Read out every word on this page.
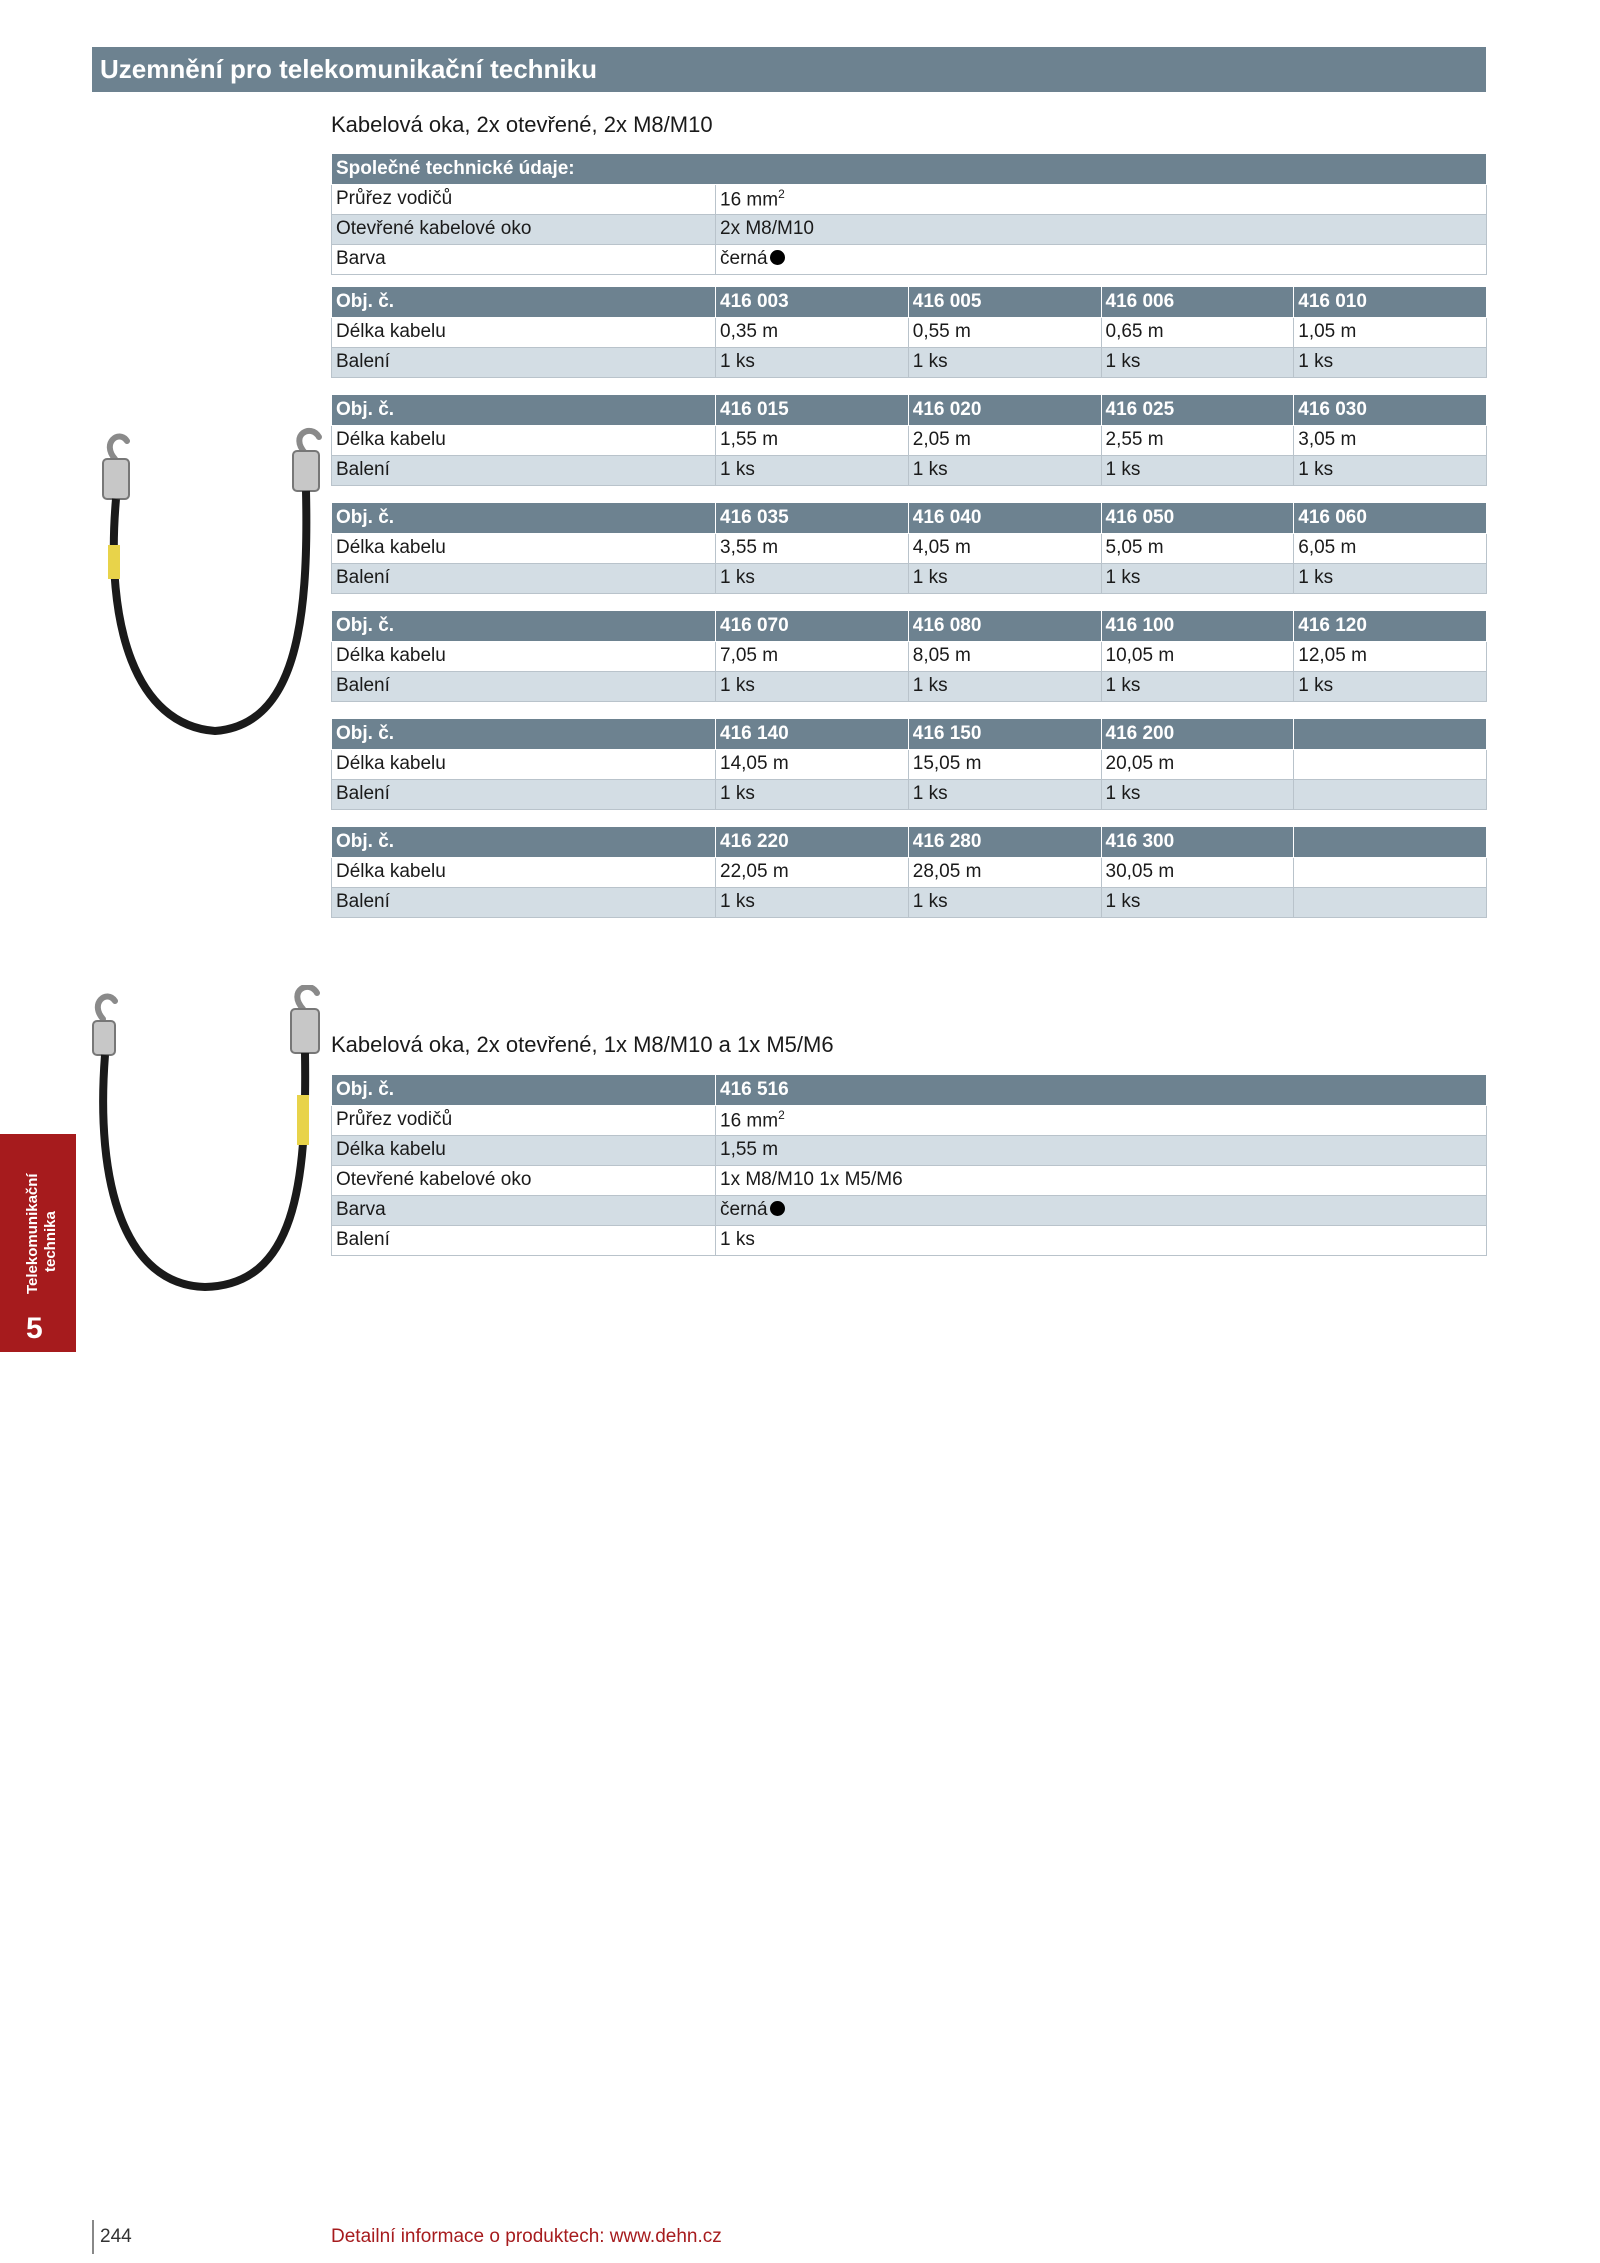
Uzemnění pro telekomunikační techniku
Kabelová oka, 2x otevřené, 2x M8/M10
Společné technické údaje:	
Průřez vodičů	16 $mm^2$
Otevřené kabelové oko	2x M8/M10
Barva	černá
Obj. č.	416 003	416 005	416 006	416 010
Délka kabelu	0,35 m	0,55 m	0,65 m	1,05 m
Balení	1 ks	1 ks	1 ks	1 ks
Obj. č.	416 015	416 020	416 025	416 030
Délka kabelu	1,55 m	2,05 m	2,55 m	3,05 m
Balení	1 ks	1 ks	1 ks	1 ks
Obj. č.	416 035	416 040	416 050	416 060
Délka kabelu	3,55 m	4,05 m	5,05 m	6,05 m
Balení	1 ks	1 ks	1 ks	1 ks
Obj. č.	416 070	416 080	416 100	416 120
Délka kabelu	7,05 m	8,05 m	10,05 m	12,05 m
Balení	1 ks	1 ks	1 ks	1 ks
Obj. č.	416 140	416 150	416 200	
Délka kabelu	14,05 m	15,05 m	20,05 m	
Balení	1 ks	1 ks	1 ks	
Obj. č.	416 220	416 280	416 300	
Délka kabelu	22,05 m	28,05 m	30,05 m	
Balení	1 ks	1 ks	1 ks	
Kabelová oka, 2x otevřené, 1x M8/M10 a 1x M5/M6
Obj. č.	416 516
Průřez vodičů	16 $mm^2$
Délka kabelu	1,55 m
Otevřené kabelové oko	1x M8/M10 1x M5/M6
Barva	černá
Balení	1 ks
Telekomunikační technika
5
244	Detailní informace o produktech: www.dehn.cz
